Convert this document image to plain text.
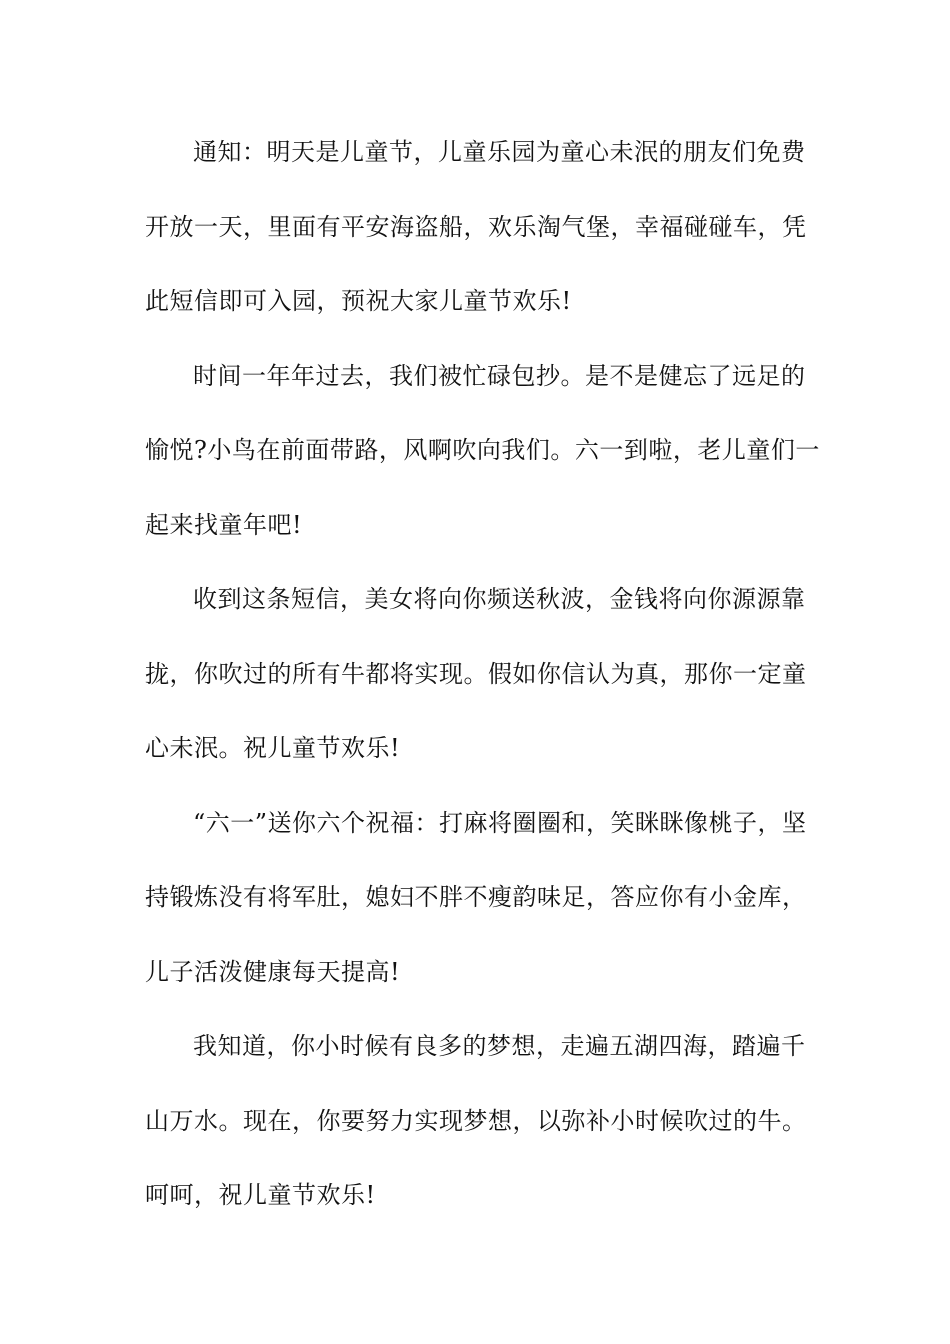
通知：明天是儿童节，儿童乐园为童心未泯的朋友们免费开放一天，里面有平安海盗船，欢乐淘气堡，幸福碰碰车，凭此短信即可入园，预祝大家儿童节欢乐!

时间一年年过去，我们被忙碌包抄。是不是健忘了远足的愉悦?小鸟在前面带路，风啊吹向我们。六一到啦，老儿童们一起来找童年吧!

收到这条短信，美女将向你频送秋波，金钱将向你源源靠拢，你吹过的所有牛都将实现。假如你信认为真，那你一定童心未泯。祝儿童节欢乐!

“六一”送你六个祝福：打麻将圈圈和，笑眯眯像桃子，坚持锻炼没有将军肚，媳妇不胖不瘦韵味足，答应你有小金库，儿子活泼健康每天提高!

我知道，你小时候有良多的梦想，走遍五湖四海，踏遍千山万水。现在，你要努力实现梦想，以弥补小时候吹过的牛。呵呵，祝儿童节欢乐!
